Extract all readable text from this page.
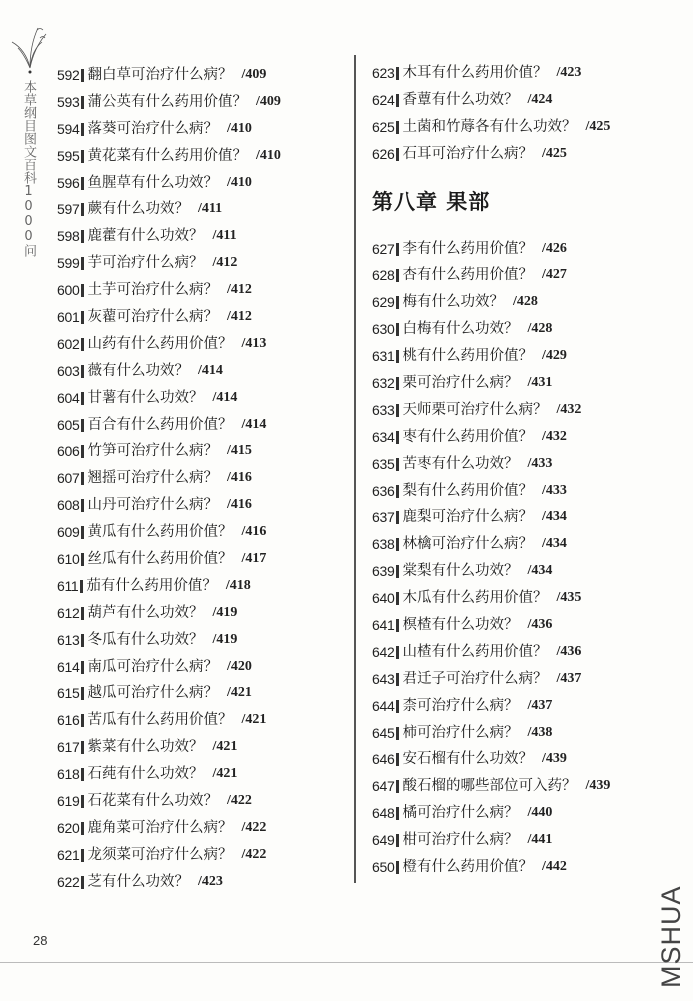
本草纲目图文百科1000问
592 翻白草可治疗什么病？ /409
593 蒲公英有什么药用价值？ /409
594 落葵可治疗什么病？ /410
595 黄花菜有什么药用价值？ /410
596 鱼腥草有什么功效？ /410
597 蕨有什么功效？ /411
598 鹿藿有什么功效？ /411
599 芋可治疗什么病？ /412
600 土芋可治疗什么病？ /412
601 灰藋可治疗什么病？ /412
602 山药有什么药用价值？ /413
603 薇有什么功效？ /414
604 甘薯有什么功效？ /414
605 百合有什么药用价值？ /414
606 竹笋可治疗什么病？ /415
607 翘摇可治疗什么病？ /416
608 山丹可治疗什么病？ /416
609 黄瓜有什么药用价值？ /416
610 丝瓜有什么药用价值？ /417
611 茄有什么药用价值？ /418
612 葫芦有什么功效？ /419
613 冬瓜有什么功效？ /419
614 南瓜可治疗什么病？ /420
615 越瓜可治疗什么病？ /421
616 苦瓜有什么药用价值？ /421
617 紫菜有什么功效？ /421
618 石莼有什么功效？ /421
619 石花菜有什么功效？ /422
620 鹿角菜可治疗什么病？ /422
621 龙须菜可治疗什么病？ /422
622 芝有什么功效？ /423
623 木耳有什么药用价值？ /423
624 香蕈有什么功效？ /424
625 土菌和竹蓐各有什么功效？ /425
626 石耳可治疗什么病？ /425
第八章 果部
627 李有什么药用价值？ /426
628 杏有什么药用价值？ /427
629 梅有什么功效？ /428
630 白梅有什么功效？ /428
631 桃有什么药用价值？ /429
632 栗可治疗什么病？ /431
633 天师栗可治疗什么病？ /432
634 枣有什么药用价值？ /432
635 苦枣有什么功效？ /433
636 梨有什么药用价值？ /433
637 鹿梨可治疗什么病？ /434
638 林檎可治疗什么病？ /434
639 棠梨有什么功效？ /434
640 木瓜有什么药用价值？ /435
641 榠楂有什么功效？ /436
642 山楂有什么药用价值？ /436
643 君迁子可治疗什么病？ /437
644 柰可治疗什么病？ /437
645 柿可治疗什么病？ /438
646 安石榴有什么功效？ /439
647 酸石榴的哪些部位可入药？ /439
648 橘可治疗什么病？ /440
649 柑可治疗什么病？ /441
650 橙有什么药用价值？ /442
28	MSHUA
